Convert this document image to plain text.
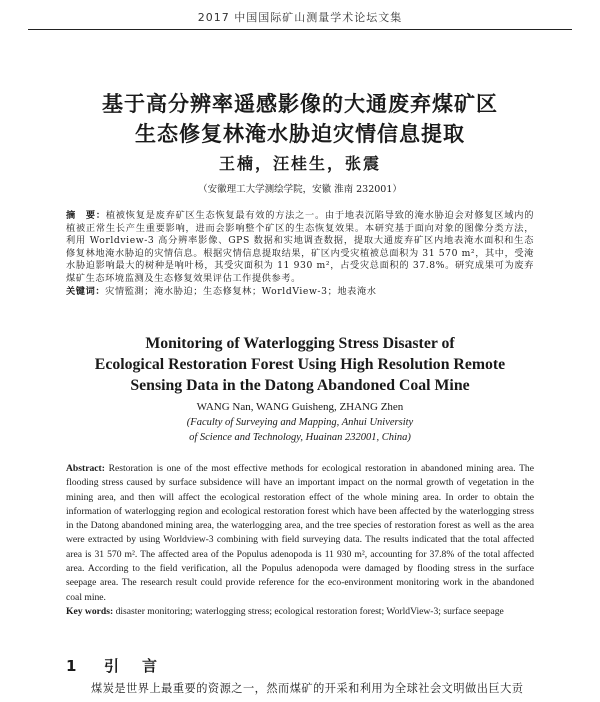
2017 中国国际矿山测量学术论坛文集
基于高分辨率遥感影像的大通废弃煤矿区
生态修复林淹水胁迫灾情信息提取
王楠，汪桂生，张震
（安徽理工大学测绘学院，安徽 淮南 232001）
摘　要：植被恢复是废弃矿区生态恢复最有效的方法之一。由于地表沉陷导致的淹水胁迫会对修复区域内的植被正常生长产生重要影响，进而会影响整个矿区的生态恢复效果。本研究基于面向对象的图像分类方法，利用 Worldview-3 高分辨率影像、GPS 数据和实地调查数据，提取大通废弃矿区内地表淹水面积和生态修复林地淹水胁迫的灾情信息。根据灾情信息提取结果，矿区内受灾植被总面积为 31 570 m²，其中，受淹水胁迫影响最大的树种是响叶杨，其受灾面积为 11 930 m²，占受灾总面积的 37.8%。研究成果可为废弃煤矿生态环境监测及生态修复效果评估工作提供参考。
关键词：灾情監測；淹水胁迫；生态修复林；WorldView-3；地表淹水
Monitoring of Waterlogging Stress Disaster of
Ecological Restoration Forest Using High Resolution Remote
Sensing Data in the Datong Abandoned Coal Mine
WANG Nan, WANG Guisheng, ZHANG Zhen
(Faculty of Surveying and Mapping, Anhui University
of Science and Technology, Huainan 232001, China)
Abstract: Restoration is one of the most effective methods for ecological restoration in abandoned mining area. The flooding stress caused by surface subsidence will have an important impact on the normal growth of vegetation in the mining area, and then will affect the ecological restoration effect of the whole mining area. In order to obtain the information of waterlogging region and ecological restoration forest which have been affected by the waterlogging stress in the Datong abandoned mining area, the waterlogging area, and the tree species of restoration forest as well as the area were extracted by using Worldview-3 combining with field surveying data. The results indicated that the total affected area is 31 570 m². The affected area of the Populus adenopoda is 11 930 m², accounting for 37.8% of the total affected area. According to the field verification, all the Populus adenopoda were damaged by flooding stress in the surface seepage area. The research result could provide reference for the eco-environment monitoring work in the abandoned coal mine.
Key words: disaster monitoring; waterlogging stress; ecological restoration forest; WorldView-3; surface seepage
1 引 言
煤炭是世界上最重要的资源之一，然而煤矿的开采和利用为全球社会文明做出巨大贡
